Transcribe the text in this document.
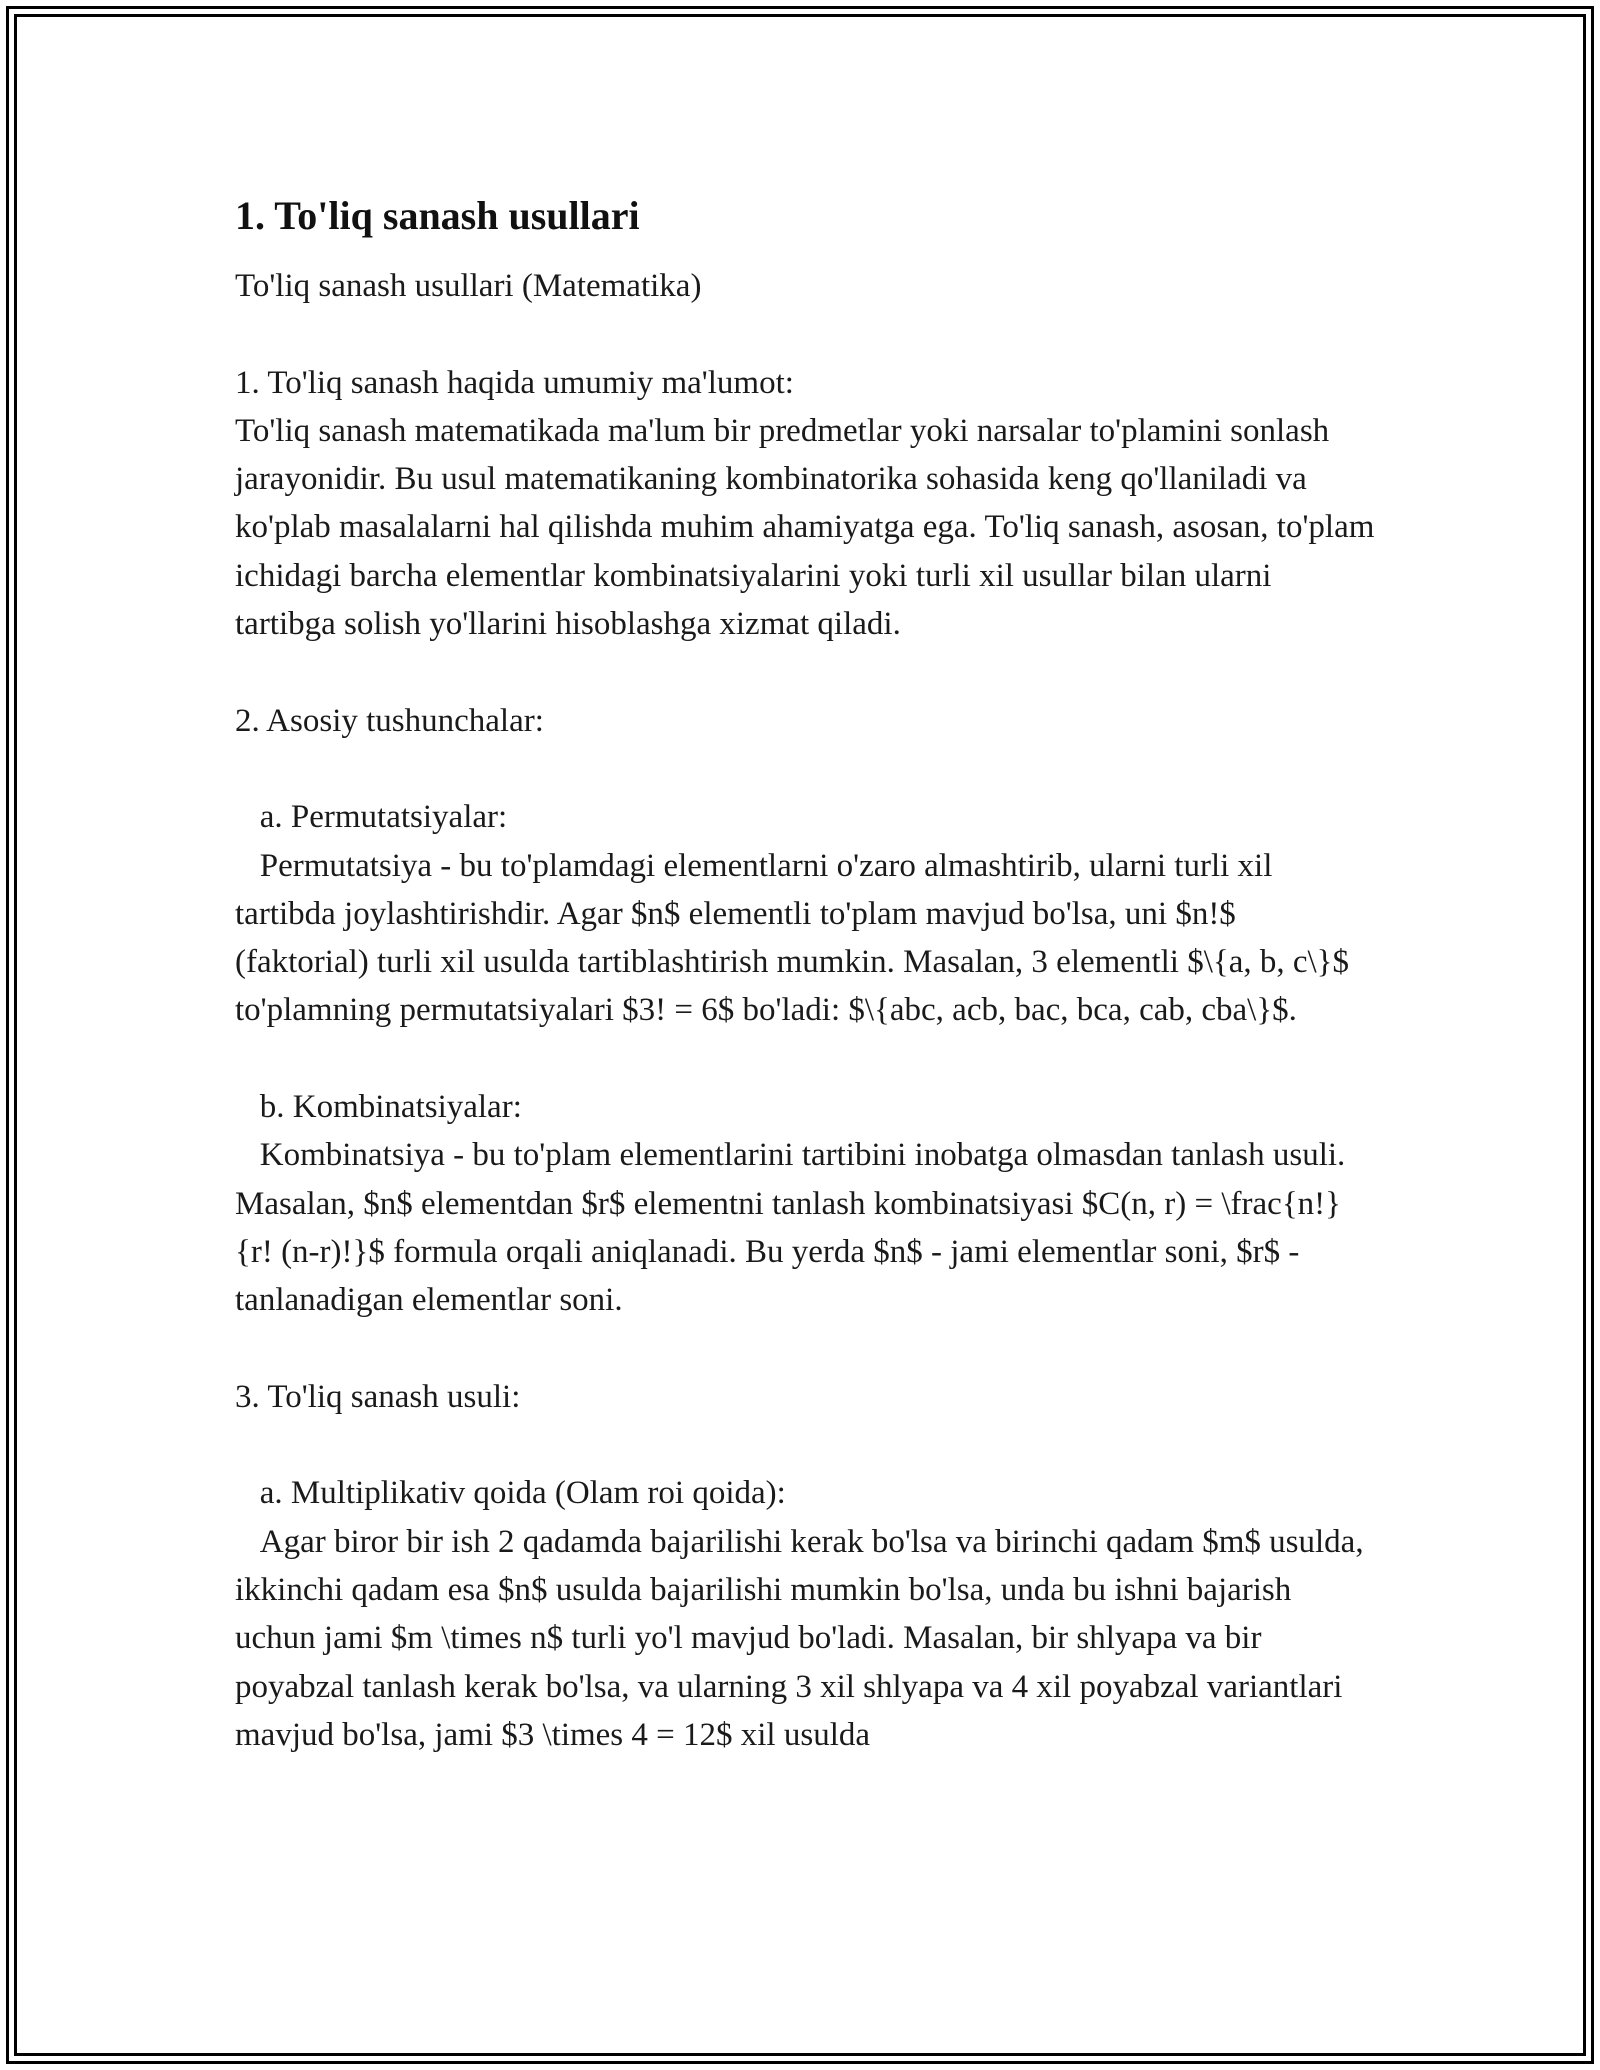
1. To'liq sanash usullari
To'liq sanash usullari (Matematika)

1. To'liq sanash haqida umumiy ma'lumot:
To'liq sanash matematikada ma'lum bir predmetlar yoki narsalar to'plamini sonlash jarayonidir. Bu usul matematikaning kombinatorika sohasida keng qo'llaniladi va ko'plab masalalarni hal qilishda muhim ahamiyatga ega. To'liq sanash, asosan, to'plam ichidagi barcha elementlar kombinatsiyalarini yoki turli xil usullar bilan ularni tartibga solish yo'llarini hisoblashga xizmat qiladi.

2. Asosiy tushunchalar:

a. Permutatsiyalar:
Permutatsiya - bu to'plamdagi elementlarni o'zaro almashtirib, ularni turli xil tartibda joylashtirishdir. Agar $n$ elementli to'plam mavjud bo'lsa, uni $n!$ (faktorial) turli xil usulda tartiblashtirish mumkin. Masalan, 3 elementli $\{a, b, c\}$ to'plamning permutatsiyalari $3! = 6$ bo'ladi: $\{abc, acb, bac, bca, cab, cba\}$.

b. Kombinatsiyalar:
Kombinatsiya - bu to'plam elementlarini tartibini inobatga olmasdan tanlash usuli. Masalan, $n$ elementdan $r$ elementni tanlash kombinatsiyasi $C(n, r) = \frac{n!}{r! (n-r)!}$ formula orqali aniqlanadi. Bu yerda $n$ - jami elementlar soni, $r$ - tanlanadigan elementlar soni.

3. To'liq sanash usuli:

a. Multiplikativ qoida (Olam roi qoida):
Agar biror bir ish 2 qadamda bajarilishi kerak bo'lsa va birinchi qadam $m$ usulda, ikkinchi qadam esa $n$ usulda bajarilishi mumkin bo'lsa, unda bu ishni bajarish uchun jami $m \times n$ turli yo'l mavjud bo'ladi. Masalan, bir shlyapa va bir poyabzal tanlash kerak bo'lsa, va ularning 3 xil shlyapa va 4 xil poyabzal variantlari mavjud bo'lsa, jami $3 \times 4 = 12$ xil usulda
